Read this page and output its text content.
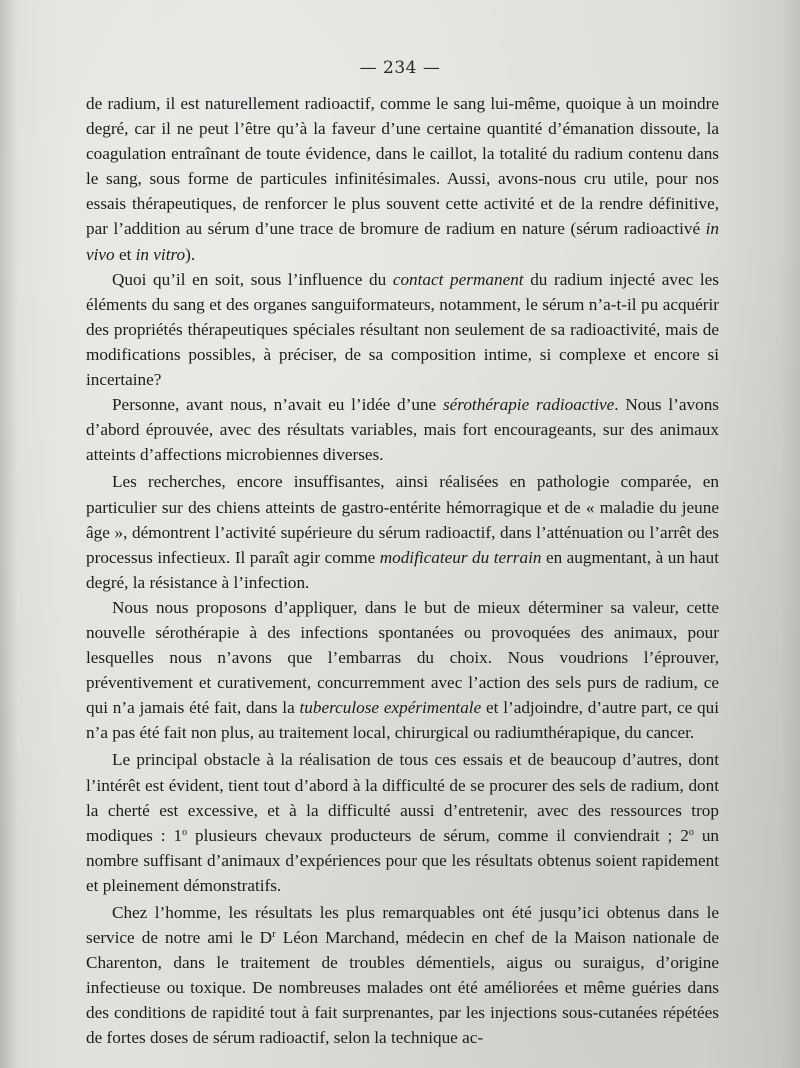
— 234 —

de radium, il est naturellement radioactif, comme le sang lui-même, quoique à un moindre degré, car il ne peut l’être qu’à la faveur d’une certaine quantité d’émanation dissoute, la coagulation entraînant de toute évidence, dans le caillot, la totalité du radium contenu dans le sang, sous forme de particules infinitésimales. Aussi, avons-nous cru utile, pour nos essais thérapeutiques, de renforcer le plus souvent cette activité et de la rendre définitive, par l’addition au sérum d’une trace de bromure de radium en nature (sérum radioactivé in vivo et in vitro).

Quoi qu’il en soit, sous l’influence du contact permanent du radium injecté avec les éléments du sang et des organes sanguiformateurs, notamment, le sérum n’a-t-il pu acquérir des propriétés thérapeutiques spéciales résultant non seulement de sa radioactivité, mais de modifications possibles, à préciser, de sa composition intime, si complexe et encore si incertaine?

Personne, avant nous, n’avait eu l’idée d’une sérothérapie radioactive. Nous l’avons d’abord éprouvée, avec des résultats variables, mais fort encourageants, sur des animaux atteints d’affections microbiennes diverses.

Les recherches, encore insuffisantes, ainsi réalisées en pathologie comparée, en particulier sur des chiens atteints de gastro-entérite hémorragique et de « maladie du jeune âge », démontrent l’activité supérieure du sérum radioactif, dans l’atténuation ou l’arrêt des processus infectieux. Il paraît agir comme modificateur du terrain en augmentant, à un haut degré, la résistance à l’infection.

Nous nous proposons d’appliquer, dans le but de mieux déterminer sa valeur, cette nouvelle sérothérapie à des infections spontanées ou provoquées des animaux, pour lesquelles nous n’avons que l’embarras du choix. Nous voudrions l’éprouver, préventivement et curativement, concurremment avec l’action des sels purs de radium, ce qui n’a jamais été fait, dans la tuberculose expérimentale et l’adjoindre, d’autre part, ce qui n’a pas été fait non plus, au traitement local, chirurgical ou radiumthérapique, du cancer.

Le principal obstacle à la réalisation de tous ces essais et de beaucoup d’autres, dont l’intérêt est évident, tient tout d’abord à la difficulté de se procurer des sels de radium, dont la cherté est excessive, et à la difficulté aussi d’entretenir, avec des ressources trop modiques : 1$^o$ plusieurs chevaux producteurs de sérum, comme il conviendrait ; 2$^o$ un nombre suffisant d’animaux d’expériences pour que les résultats obtenus soient rapidement et pleinement démonstratifs.

Chez l’homme, les résultats les plus remarquables ont été jusqu’ici obtenus dans le service de notre ami le $D^r$ Léon Marchand, médecin en chef de la Maison nationale de Charenton, dans le traitement de troubles démentiels, aigus ou suraigus, d’origine infectieuse ou toxique. De nombreuses malades ont été améliorées et même guéries dans des conditions de rapidité tout à fait surprenantes, par les injections sous-cutanées répétées de fortes doses de sérum radioactif, selon la technique ac-
